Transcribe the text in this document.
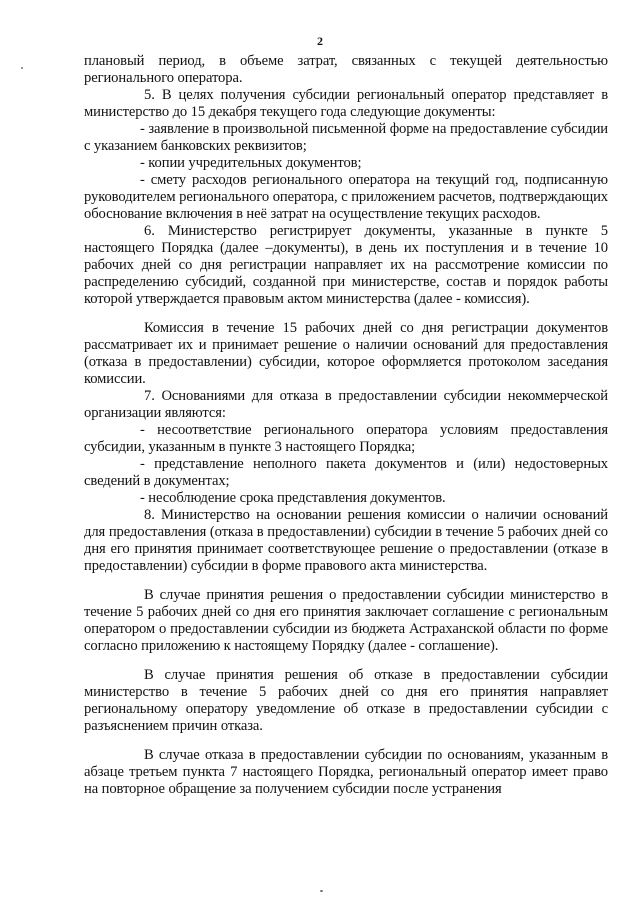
2

плановый период, в объеме затрат, связанных с текущей деятельностью регионального оператора.

5. В целях получения субсидии региональный оператор представляет в министерство до 15 декабря текущего года следующие документы:

- заявление в произвольной письменной форме на предоставление субсидии с указанием банковских реквизитов;

- копии учредительных документов;

- смету расходов регионального оператора на текущий год, подписанную руководителем регионального оператора, с приложением расчетов, подтверждающих обоснование включения в неё затрат на осуществление текущих расходов.

6. Министерство регистрирует документы, указанные в пункте 5 настоящего Порядка (далее –документы), в день их поступления и в течение 10 рабочих дней со дня регистрации направляет их на рассмотрение комиссии по распределению субсидий, созданной при министерстве, состав и порядок работы которой утверждается правовым актом министерства (далее - комиссия).

Комиссия в течение 15 рабочих дней со дня регистрации документов рассматривает их и принимает решение о наличии оснований для предоставления (отказа в предоставлении) субсидии, которое оформляется протоколом заседания комиссии.

7. Основаниями для отказа в предоставлении субсидии некоммерческой организации являются:

- несоответствие регионального оператора условиям предоставления субсидии, указанным в пункте 3 настоящего Порядка;

- представление неполного пакета документов и (или) недостоверных сведений в документах;

- несоблюдение срока представления документов.

8. Министерство на основании решения комиссии о наличии оснований для предоставления (отказа в предоставлении) субсидии в течение 5 рабочих дней со дня его принятия принимает соответствующее решение о предоставлении (отказе в предоставлении) субсидии в форме правового акта министерства.

В случае принятия решения о предоставлении субсидии министерство в течение 5 рабочих дней со дня его принятия заключает соглашение с региональным оператором о предоставлении субсидии из бюджета Астраханской области по форме согласно приложению к настоящему Порядку (далее - соглашение).

В случае принятия решения об отказе в предоставлении субсидии министерство в течение 5 рабочих дней со дня его принятия направляет региональному оператору уведомление об отказе в предоставлении субсидии с разъяснением причин отказа.

В случае отказа в предоставлении субсидии по основаниям, указанным в абзаце третьем пункта 7 настоящего Порядка, региональный оператор имеет право на повторное обращение за получением субсидии после устранения
